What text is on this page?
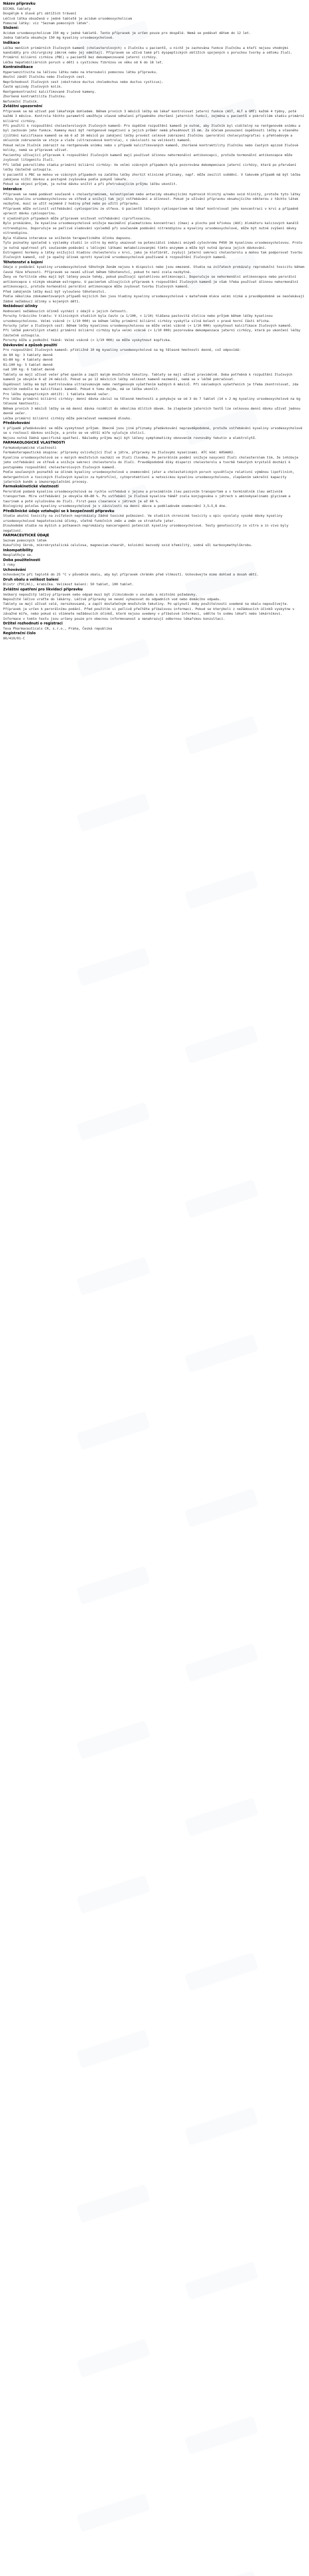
Název přípravku
DICHOL tablety
Dospělým k úlevě při obtížích trávení
Léčivá látka obsažená v jedné tabletě je acidum ursodeoxycholicum
Pomocné látky: viz "Seznam pomocných látek".
Složení:
Acidum ursodeoxycholicum 150 mg v jedné tabletě. Tento přípravek je určen pouze pro dospělé. Nemá se podávat dětem do 12 let.
Jedna tableta obsahuje 150 mg kyseliny ursodeoxycholové.
Indikace
Léčba menších primárních žlučových kamenů (cholesterolových) v žlučníku u pacientů, u nichž je zachována funkce žlučníku a kteří nejsou vhodnými kandidáty pro chirurgický zákrok nebo jej odmítají. Přípravek se užívá také při dyspeptických obtížích spojených s poruchou tvorby a odtoku žluči.
Primární biliární cirhóza (PBC) u pacientů bez dekompenzované jaterní cirhózy.
Léčba hepatobiliárních poruch u dětí s cystickou fibrózou ve věku od 6 do 18 let.
Kontraindikace
Hypersenzitivita na léčivou látku nebo na kteroukoli pomocnou látku přípravku.
Akutní zánět žlučníku nebo žlučových cest.
Neprůchodnost žlučových cest (obstrukce ductus choledochus nebo ductus cysticus).
Časté epizody žlučových kolik.
Rentgenkontrastní kalcifikované žlučové kameny.
Zhoršená kontraktilita žlučníku.
Nefunkční žlučník.
Zvláštní upozornění
Přípravek se má užívat pod lékařským dohledem. Během prvních 3 měsíců léčby má lékař kontrolovat jaterní funkce (AST, ALT a GMT) každé 4 týdny, poté každé 3 měsíce. Kontrola těchto parametrů umožňuje včasné odhalení případného zhoršení jaterních funkcí, zejména u pacientů v pokročilém stadiu primární biliární cirhózy.
Při použití k rozpouštění cholesterolových žlučových kamenů: Pro úspěšné rozpuštění kamenů je nutné, aby žlučník byl viditelný na rentgenovém snímku a byl zachován jeho funkce. Kameny musí být rentgenově negativní a jejich průměr nemá přesáhnout 15 mm. Za účelem posouzení úspěšnosti léčby a včasného zjištění kalcifikace kamenů se má 6 až 10 měsíců po zahájení léčby provést celkové zobrazení žlučníku (perorální cholecystografie) s přehledovým a okluzním zobrazením ve stoje a vleže (ultrazvuková kontrola), v závislosti na velikosti kamenů.
Pokud nelze žlučník zobrazit na rentgenovém snímku nebo v případě kalcifikovaných kamenů, zhoršené kontraktility žlučníku nebo častých epizod žlučové koliky, nemá se přípravek užívat.
Pacientky užívající přípravek k rozpouštění žlučových kamenů mají používat účinnou nehormonální antikoncepci, protože hormonální antikoncepce může zvyšovat litogenitu žluči.
Při léčbě pokročilého stadia primární biliární cirhózy: Ve velmi vzácných případech byla pozorována dekompenzace jaterní cirhózy, která po přerušení léčby částečně ustoupila.
U pacientů s PBC se mohou ve vzácných případech na začátku léčby zhoršit klinické příznaky, např. může zesílit svědění. V takovém případě má být léčba zahájena nižší dávkou a postupně zvyšována podle pokynů lékaře.
Pokud se objeví průjem, je nutné dávku snížit a při přetrvávajícím průjmu léčbu ukončit.
Interakce
Přípravek se nemá podávat současně s cholestyraminem, kolestipolem nebo antacidy obsahujícími hydroxid hlinitý a/nebo oxid hlinitý, protože tyto látky vážou kyselinu ursodeoxycholovou ve střevě a snižují tak její vstřebávání a účinnost. Pokud je užívání přípravku obsahujícího některou z těchto látek nezbytné, musí se užít nejméně 2 hodiny před nebo po užití přípravku.
Přípravek může ovlivnit vstřebávání cyklosporinu ze střeva. U pacientů léčených cyklosporinem má lékař kontrolovat jeho koncentraci v krvi a případně upravit dávku cyklosporinu.
V ojedinělých případech může přípravek snižovat vstřebávání ciprofloxacinu.
Bylo prokázáno, že kyselina ursodeoxycholová snižuje maximální plazmatickou koncentraci (Cmax) a plochu pod křivkou (AUC) blokátoru kalciových kanálů nitrendipinu. Doporučuje se pečlivé sledování výsledků při současném podávání nitrendipinu a kyseliny ursodeoxycholové, může být nutné zvýšení dávky nitrendipinu.
Byla hlášena interakce se snížením terapeutického účinku dapsonu.
Tyto poznatky společně s výsledky studií in vitro by mohly ukazovat na potenciální indukci enzymů cytochromu P450 3A kyselinou ursodeoxycholovou. Proto je nutná opatrnost při současném podávání s léčivými látkami metabolizovanými tímto enzymem a může být nutná úprava jejich dávkování.
Estrogenní hormony a látky snižující hladinu cholesterolu v krvi, jako je klofibrát, zvyšují jaterní sekreci cholesterolu a mohou tak podporovat tvorbu žlučových kamenů, což je opačný účinek oproti kyselině ursodeoxycholové používané k rozpouštění žlučových kamenů.
Těhotenství a kojení
Údaje o podávání kyseliny ursodeoxycholové těhotným ženám nejsou k dispozici nebo jsou omezené. Studie na zvířatech prokázaly reprodukční toxicitu během časné fáze březosti. Přípravek se nesmí užívat během těhotenství, pokud to není zcela nezbytné.
Ženy ve fertilním věku mají být léčeny pouze tehdy, pokud používají spolehlivou antikoncepci. Doporučuje se nehormonální antikoncepce nebo perorální antikoncepce s nízkým obsahem estrogenu. U pacientek užívajících přípravek k rozpouštění žlučových kamenů je však třeba používat účinnou nehormonální antikoncepci, protože hormonální perorální antikoncepce může zvyšovat tvorbu žlučových kamenů.
Před zahájením léčby musí být vyloučeno těhotenství.
Podle několika zdokumentovaných případů kojících žen jsou hladiny kyseliny ursodeoxycholové v mateřském mléce velmi nízké a pravděpodobně se neočekávají žádné nežádoucí účinky u kojených dětí.
Nežádoucí účinky
Hodnocení nežádoucích účinků vychází z údajů o jejich četnosti.
Poruchy trávicího traktu: V klinických studiích byla často (≥ 1/100, < 1/10) hlášena pastovitá stolice nebo průjem během léčby kyselinou ursodeoxycholovou. Velmi vzácně (< 1/10 000) se během léčby primární biliární cirhózy vyskytla silná bolest v pravé horní části břicha.
Poruchy jater a žlučových cest: Během léčby kyselinou ursodeoxycholovou se může velmi vzácně (< 1/10 000) vyskytnout kalcifikace žlučových kamenů.
Při léčbě pokročilých stadií primární biliární cirhózy byla velmi vzácně (< 1/10 000) pozorována dekompenzace jaterní cirhózy, která po ukončení léčby částečně ustoupila.
Poruchy kůže a podkožní tkáně: Velmi vzácně (< 1/10 000) se může vyskytnout kopřivka.
Dávkování a způsob použití
Pro rozpouštění žlučových kamenů: přibližně 10 mg kyseliny ursodeoxycholové na kg tělesné hmotnosti denně, což odpovídá:
do 60 kg: 3 tablety denně
61–80 kg: 4 tablety denně
81–100 kg: 5 tablet denně
nad 100 kg: 6 tablet denně
Tablety se mají užívat večer před spaním a zapít malým množstvím tekutiny. Tablety se mají užívat pravidelně. Doba potřebná k rozpuštění žlučových kamenů je obvykle 6 až 24 měsíců. Pokud se po 12 měsících léčby velikost kamenů nezmenší, nemá se v léčbě pokračovat.
Úspěšnost léčby má být kontrolována ultrazvukovým nebo rentgenovým vyšetřením každých 6 měsíců. Při následných vyšetřeních je třeba zkontrolovat, zda mezitím nedošlo ke kalcifikaci kamenů. Pokud k tomu dojde, má se léčba ukončit.
Pro léčbu dyspeptických obtíží: 1 tableta denně večer.
Pro léčbu primární biliární cirhózy: denní dávka závisí na tělesné hmotnosti a pohybuje se od 3 do 7 tablet (14 ± 2 mg kyseliny ursodeoxycholové na kg tělesné hmotnosti).
Během prvních 3 měsíců léčby se má denní dávka rozdělit do několika dílčích dávek. Se zlepšením jaterních testů lze celkovou denní dávku užívat jednou denně večer.
Léčba primární biliární cirhózy může pokračovat neomezeně dlouho.
Předávkování
V případě předávkování se může vyskytnout průjem. Obecně jsou jiné příznaky předávkování nepravděpodobné, protože vstřebávání kyseliny ursodeoxycholové se s rostoucí dávkou snižuje, a proto se ve větší míře vylučuje stolicí.
Nejsou nutná žádná specifická opatření. Následky průjmu mají být léčeny symptomaticky obnovením rovnováhy tekutin a elektrolytů.
FARMAKOLOGICKÉ VLASTNOSTI
Farmakodynamické vlastnosti
Farmakoterapeutická skupina: přípravky ovlivňující žluč a játra, přípravky se žlučovými kyselinami. ATC kód: A05AA02.
Kyselina ursodeoxycholová se v malých množstvích nachází ve žluči člověka. Po perorálním podání snižuje nasycení žluči cholesterolem tím, že inhibuje jeho vstřebávání ve střevě a snižuje sekreci cholesterolu do žluči. Pravděpodobně díky disperzi cholesterolu a tvorbě tekutých krystalů dochází k postupnému rozpouštění cholesterolových žlučových kamenů.
Podle současných poznatků se účinek kyseliny ursodeoxycholové u onemocnění jater a cholestatických poruch vysvětluje relativní výměnou lipofilních, detergentních a toxických žlučových kyselin za hydrofilní, cytoprotektivní a netoxickou kyselinu ursodeoxycholovou, zlepšením sekreční kapacity jaterních buněk a imunoregulačními procesy.
Farmakokinetické vlastnosti
Perorálně podaná kyselina ursodeoxycholová se rychle vstřebává v jejunu a proximálním ileu pasivním transportem a v terminálním ileu aktivním transportem. Míra vstřebávání je obvykle 60–80 %. Po vstřebání je žlučová kyselina téměř zcela konjugována v játrech s aminokyselinami glycinem a taurinem a poté vylučována do žluči. First-pass clearance v játrech je až 60 %.
Biologický poločas kyseliny ursodeoxycholové je v závislosti na denní dávce a podkladovém onemocnění 3,5–5,8 dne.
Předklinické údaje vztahující se k bezpečnosti přípravku
Studie akutní toxicity na zvířatech neprokázaly žádné toxické poškození. Ve studiích chronické toxicity u opic vyvolaly vysoké dávky kyseliny ursodeoxycholové hepatotoxické účinky, včetně funkčních změn a změn ve struktuře jater.
Dlouhodobé studie na myších a potkanech neprokázaly kancerogenní potenciál kyseliny ursodeoxycholové. Testy genotoxicity in vitro a in vivo byly negativní.
FARMACEUTICKÉ ÚDAJE
Seznam pomocných látek
Kukuřičný škrob, mikrokrystalická celulosa, magnesium-stearát, koloidní bezvodý oxid křemičitý, sodná sůl karboxymethylškrobu.
Inkompatibility
Neuplatňuje se.
Doba použitelnosti
3 roky
Uchovávání
Uchovávejte při teplotě do 25 °C v původním obalu, aby byl přípravek chráněn před vlhkostí. Uchovávejte mimo dohled a dosah dětí.
Druh obalu a velikost balení
Blistr (PVC/Al), krabička. Velikost balení: 50 tablet, 100 tablet.
Zvláštní opatření pro likvidaci přípravku
Veškerý nepoužitý léčivý přípravek nebo odpad musí být zlikvidován v souladu s místními požadavky.
Nepoužité léčivo vraťte do lékárny. Léčivé přípravky se nesmí vyhazovat do odpadních vod nebo domácího odpadu.
Tablety se mají užívat celé, nerozkousané, a zapít dostatečným množstvím tekutiny. Po uplynutí doby použitelnosti uvedené na obalu nepoužívejte.
Přípravek je určen k perorálnímu podání. Před použitím si pečlivě přečtěte příbalovou informaci. Pokud se kterýkoli z nežádoucích účinků vyskytne v závažné míře, nebo pokud si všimnete nežádoucích účinků, které nejsou uvedeny v příbalové informaci, sdělte to svému lékaři nebo lékárníkovi.
Informace v tomto textu jsou určeny pouze pro obecnou informovanost a nenahrazují odbornou lékařskou konzultaci.
Držitel rozhodnutí o registraci
Teva Pharmaceuticals CR, s.r.o., Praha, Česká republika
Registrační číslo
80/410/01-C
